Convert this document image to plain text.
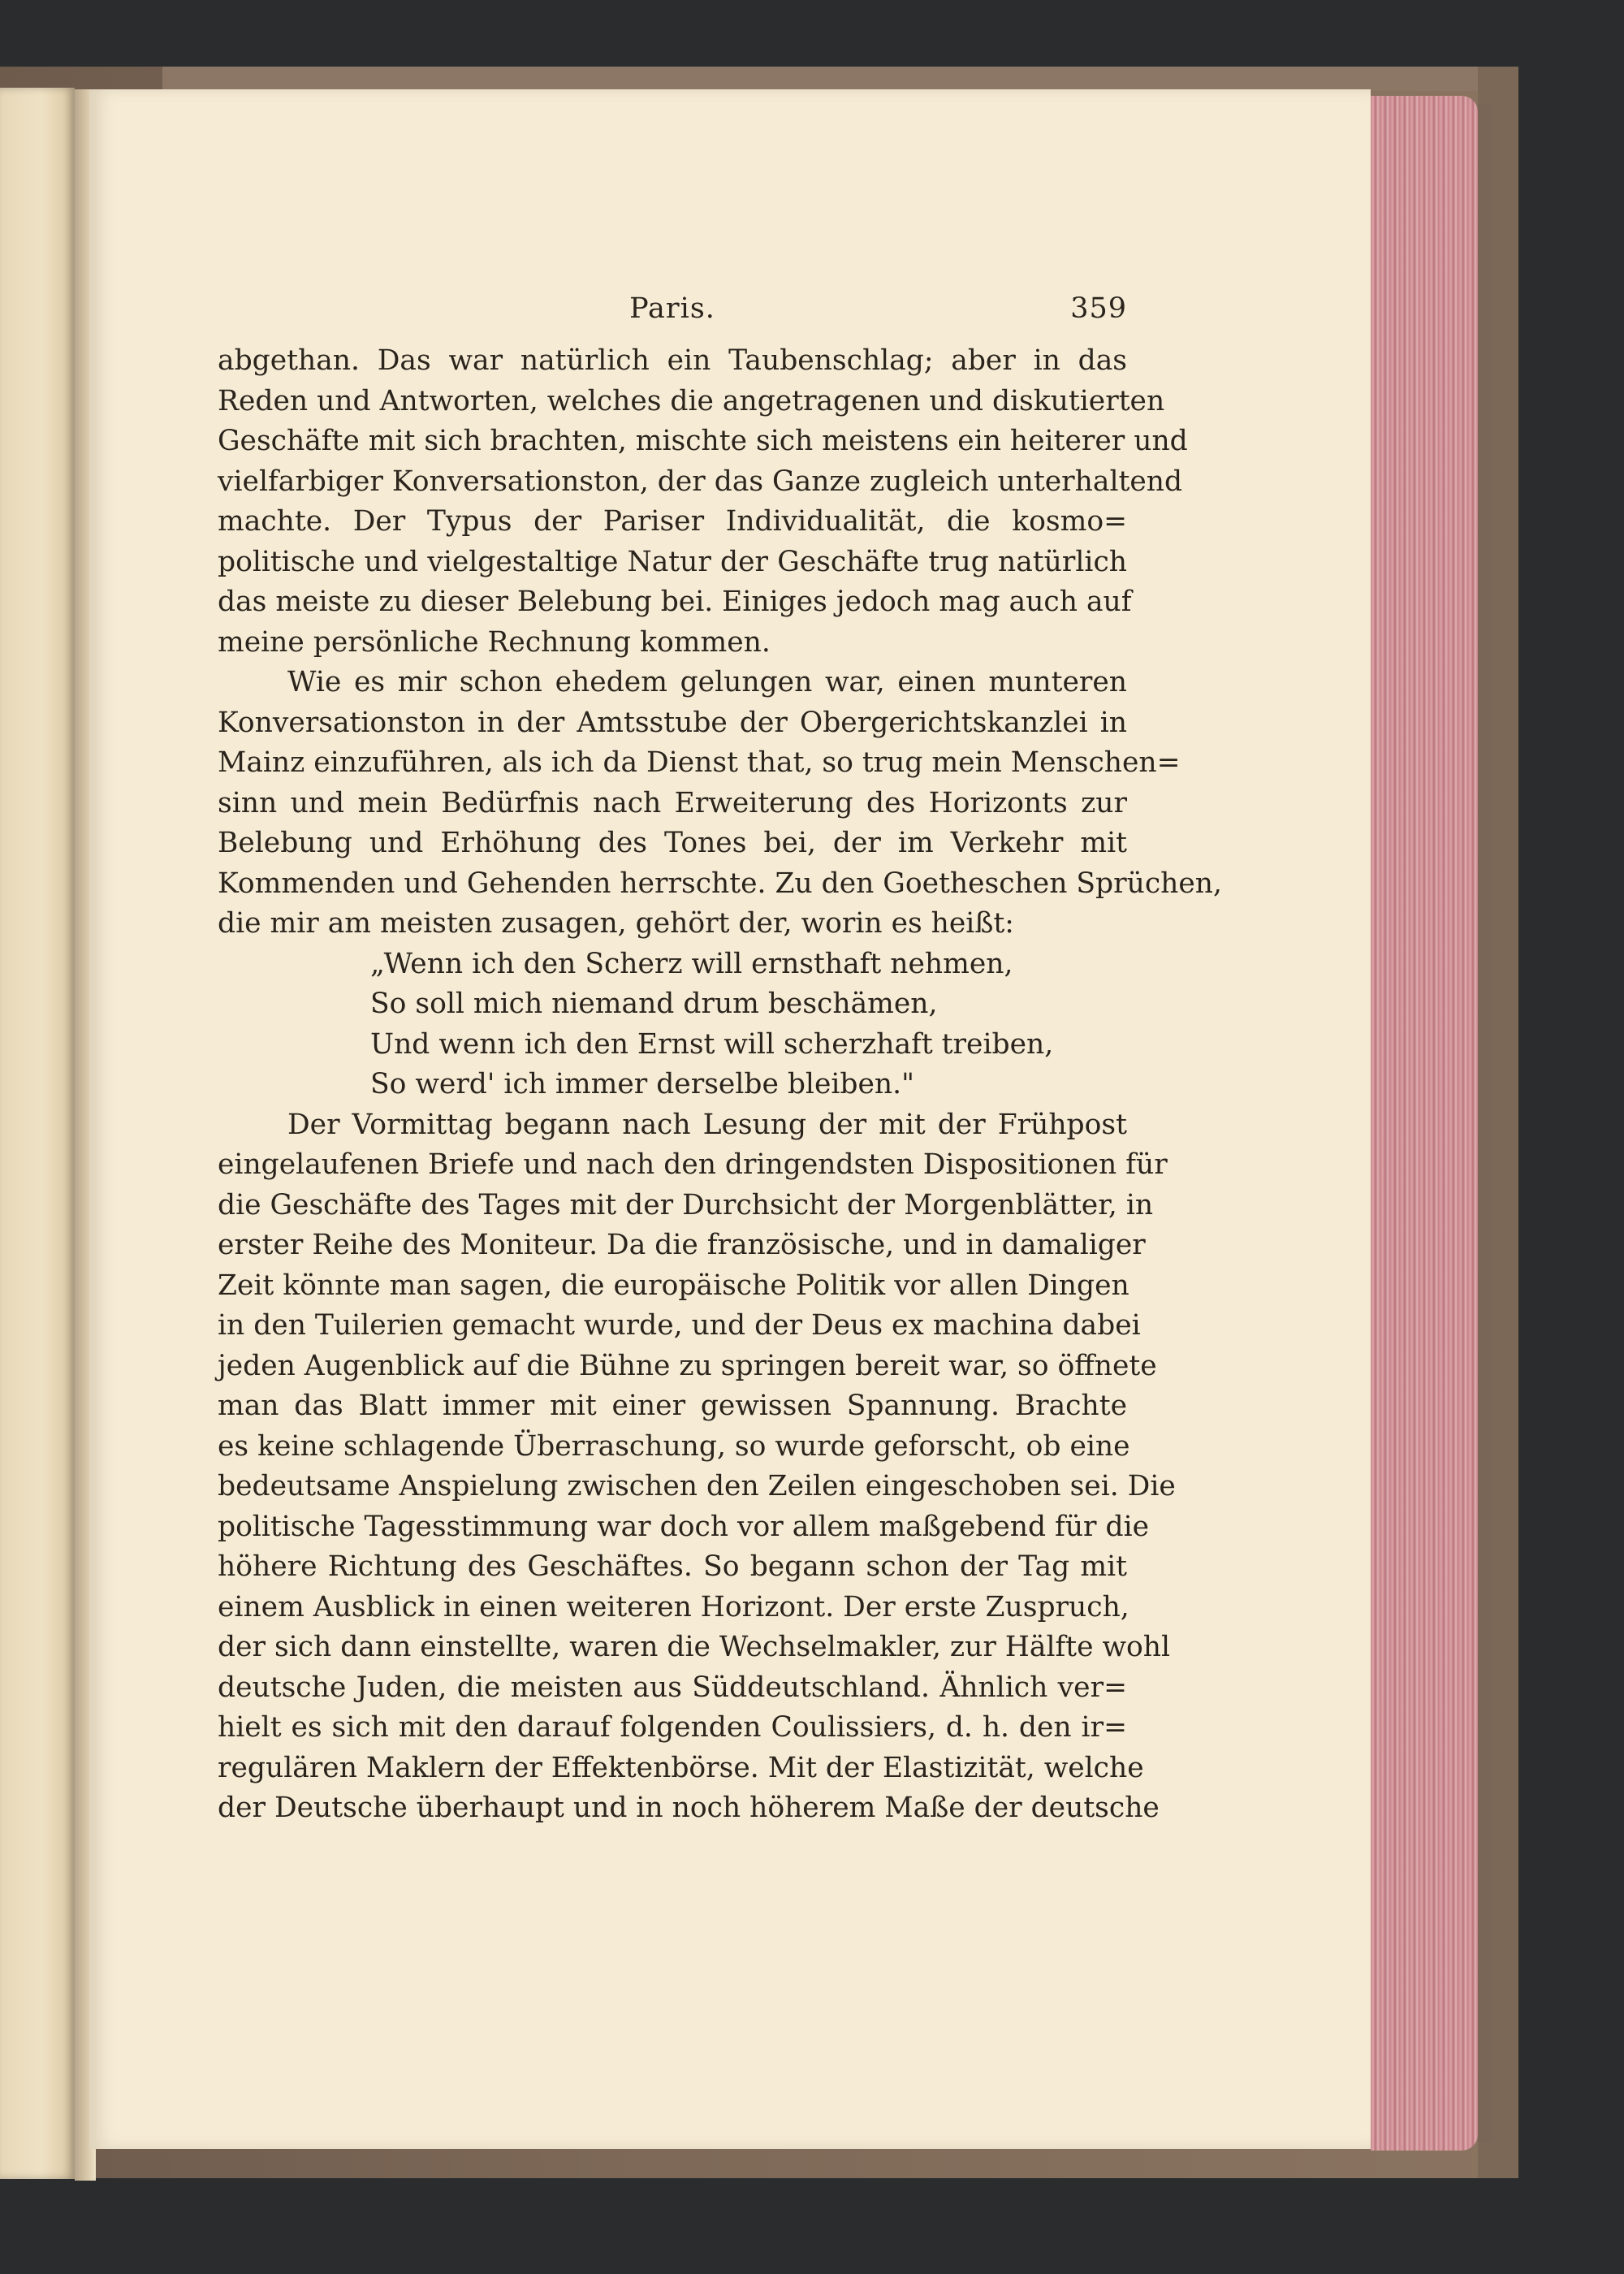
Paris.	359
abgethan. Das war natürlich ein Taubenschlag; aber in das
Reden und Antworten, welches die angetragenen und diskutierten
Geschäfte mit sich brachten, mischte sich meistens ein heiterer und
vielfarbiger Konversationston, der das Ganze zugleich unterhaltend
machte. Der Typus der Pariser Individualität, die kosmo=
politische und vielgestaltige Natur der Geschäfte trug natürlich
das meiste zu dieser Belebung bei. Einiges jedoch mag auch auf
meine persönliche Rechnung kommen.
Wie es mir schon ehedem gelungen war, einen munteren
Konversationston in der Amtsstube der Obergerichtskanzlei in
Mainz einzuführen, als ich da Dienst that, so trug mein Menschen=
sinn und mein Bedürfnis nach Erweiterung des Horizonts zur
Belebung und Erhöhung des Tones bei, der im Verkehr mit
Kommenden und Gehenden herrschte. Zu den Goetheschen Sprüchen,
die mir am meisten zusagen, gehört der, worin es heißt:
„Wenn ich den Scherz will ernsthaft nehmen,
So soll mich niemand drum beschämen,
Und wenn ich den Ernst will scherzhaft treiben,
So werd' ich immer derselbe bleiben."
Der Vormittag begann nach Lesung der mit der Frühpost
eingelaufenen Briefe und nach den dringendsten Dispositionen für
die Geschäfte des Tages mit der Durchsicht der Morgenblätter, in
erster Reihe des Moniteur. Da die französische, und in damaliger
Zeit könnte man sagen, die europäische Politik vor allen Dingen
in den Tuilerien gemacht wurde, und der Deus ex machina dabei
jeden Augenblick auf die Bühne zu springen bereit war, so öffnete
man das Blatt immer mit einer gewissen Spannung. Brachte
es keine schlagende Überraschung, so wurde geforscht, ob eine
bedeutsame Anspielung zwischen den Zeilen eingeschoben sei. Die
politische Tagesstimmung war doch vor allem maßgebend für die
höhere Richtung des Geschäftes. So begann schon der Tag mit
einem Ausblick in einen weiteren Horizont. Der erste Zuspruch,
der sich dann einstellte, waren die Wechselmakler, zur Hälfte wohl
deutsche Juden, die meisten aus Süddeutschland. Ähnlich ver=
hielt es sich mit den darauf folgenden Coulissiers, d. h. den ir=
regulären Maklern der Effektenbörse. Mit der Elastizität, welche
der Deutsche überhaupt und in noch höherem Maße der deutsche
